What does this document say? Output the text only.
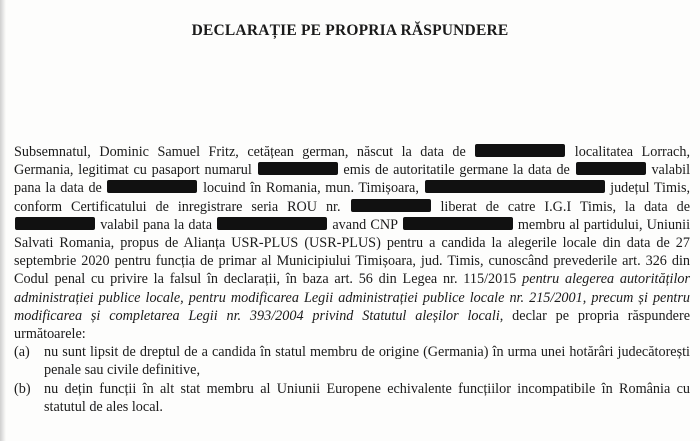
DECLARAȚIE PE PROPRIA RĂSPUNDERE

Subsemnatul, Dominic Samuel Fritz, cetățean german, născut la data de	localitatea Lorrach, Germania, legitimat cu pasaport numarul	emis de autoritatile germane la data de	valabil pana la data de	locuind în Romania, mun. Timișoara,	județul Timis, conform Certificatului de inregistrare seria ROU nr.	liberat de catre I.G.I Timis, la data de  valabil pana la data	avand CNP	membru al partidului, Uniunii Salvati Romania, propus de Alianța USR-PLUS (USR-PLUS) pentru a candida la alegerile locale din data de 27 septembrie 2020 pentru funcția de primar al Municipiului Timișoara, jud. Timis, cunoscând prevederile art. 326 din Codul penal cu privire la falsul în declarații, în baza art. 56 din Legea nr. 115/2015 pentru alegerea autorităților administrației publice locale, pentru modificarea Legii administrației publice locale nr. 215/2001, precum și pentru modificarea și completarea Legii nr. 393/2004 privind Statutul aleșilor locali, declar pe propria răspundere următoarele:

(a) nu sunt lipsit de dreptul de a candida în statul membru de origine (Germania) în urma unei hotărâri judecătorești penale sau civile definitive,
(b) nu dețin funcții în alt stat membru al Uniunii Europene echivalente funcțiilor incompatibile în România cu statutul de ales local.
